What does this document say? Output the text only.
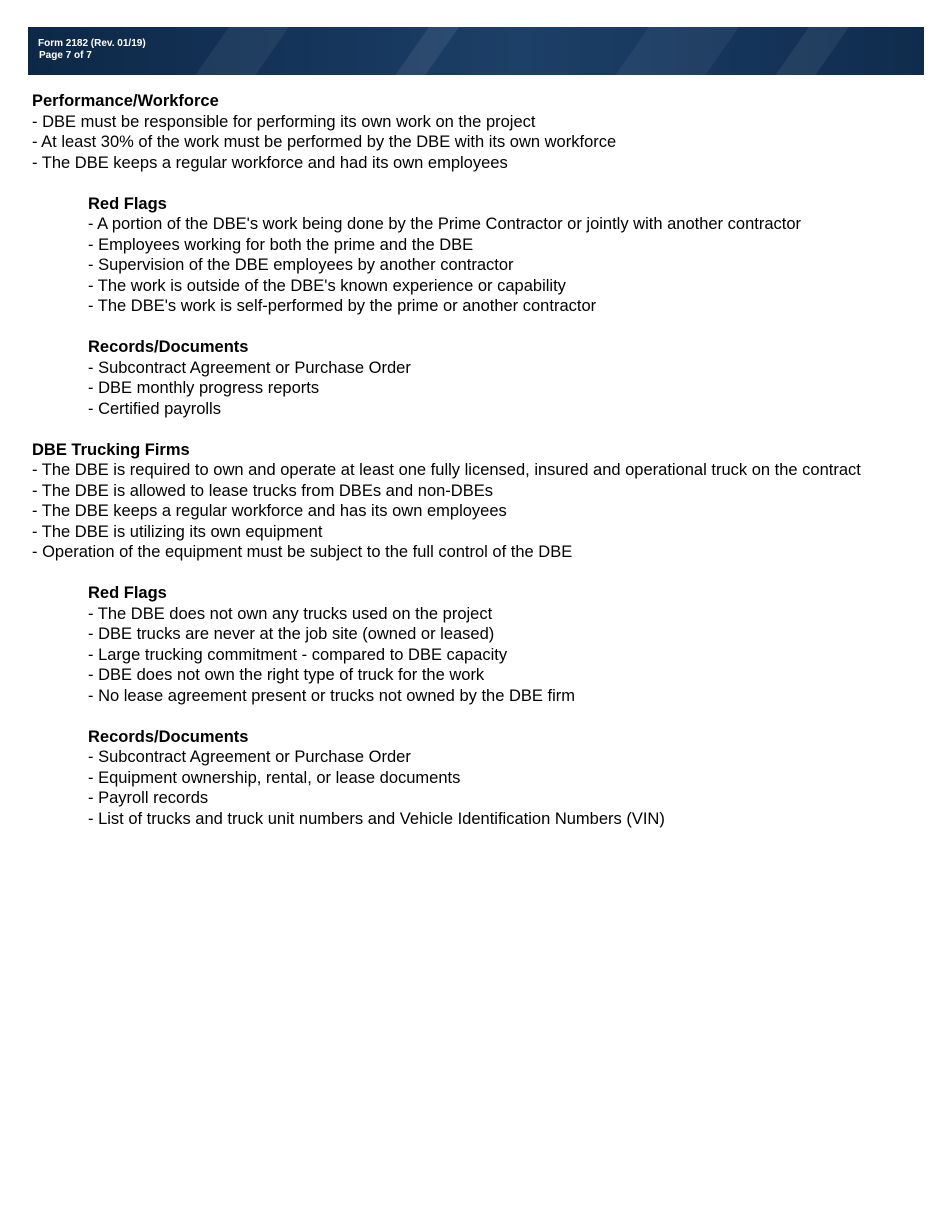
Form 2182 (Rev. 01/19)
Page 7 of 7

Performance/Workforce

- DBE must be responsible for performing its own work on the project

- At least 30% of the work must be performed by the DBE with its own workforce

- The DBE keeps a regular workforce and had its own employees

Red Flags

- A portion of the DBE's work being done by the Prime Contractor or jointly with another contractor

- Employees working for both the prime and the DBE

- Supervision of the DBE employees by another contractor

- The work is outside of the DBE's known experience or capability

- The DBE's work is self-performed by the prime or another contractor

Records/Documents

- Subcontract Agreement or Purchase Order

- DBE monthly progress reports

- Certified payrolls

DBE Trucking Firms

- The DBE is required to own and operate at least one fully licensed, insured and operational truck on the contract

- The DBE is allowed to lease trucks from DBEs and non-DBEs

- The DBE keeps a regular workforce and has its own employees

- The DBE is utilizing its own equipment

- Operation of the equipment must be subject to the full control of the DBE

Red Flags

- The DBE does not own any trucks used on the project

- DBE trucks are never at the job site (owned or leased)

- Large trucking commitment - compared to DBE capacity

- DBE does not own the right type of truck for the work

- No lease agreement present or trucks not owned by the DBE firm

Records/Documents

- Subcontract Agreement or Purchase Order

- Equipment ownership, rental, or lease documents

- Payroll records

- List of trucks and truck unit numbers and Vehicle Identification Numbers (VIN)
